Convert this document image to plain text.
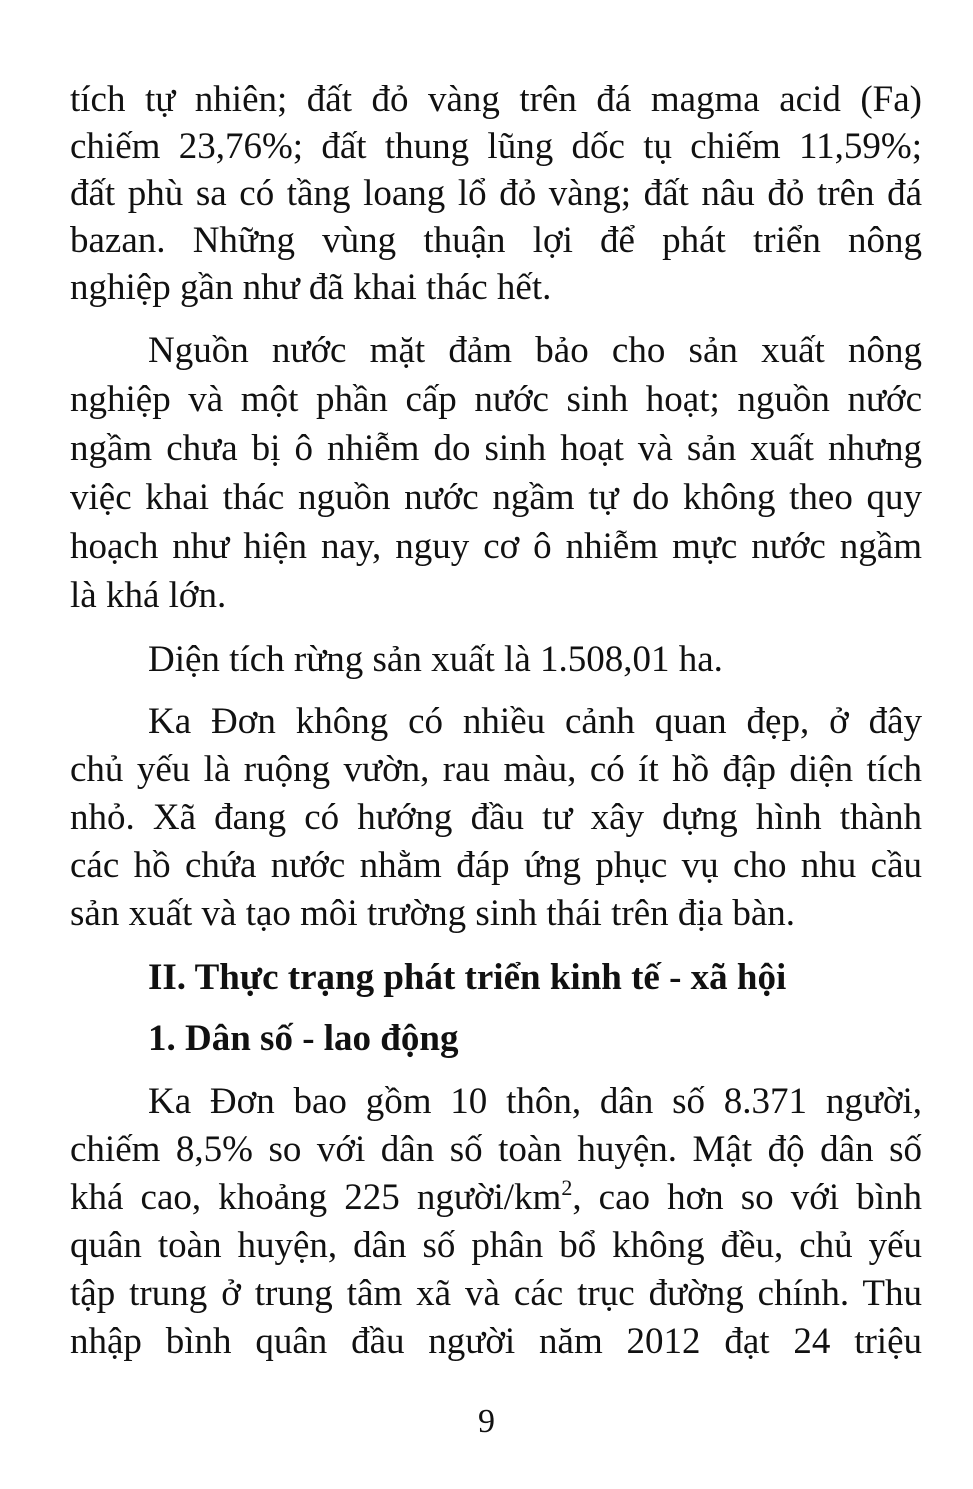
tích tự nhiên; đất đỏ vàng trên đá magma acid (Fa)
chiếm 23,76%; đất thung lũng dốc tụ chiếm 11,59%;
đất phù sa có tầng loang lổ đỏ vàng; đất nâu đỏ trên đá
bazan. Những vùng thuận lợi để phát triển nông
nghiệp gần như đã khai thác hết.
Nguồn nước mặt đảm bảo cho sản xuất nông
nghiệp và một phần cấp nước sinh hoạt; nguồn nước
ngầm chưa bị ô nhiễm do sinh hoạt và sản xuất nhưng
việc khai thác nguồn nước ngầm tự do không theo quy
hoạch như hiện nay, nguy cơ ô nhiễm mực nước ngầm
là khá lớn.
Diện tích rừng sản xuất là 1.508,01 ha.
Ka Đơn không có nhiều cảnh quan đẹp, ở đây
chủ yếu là ruộng vườn, rau màu, có ít hồ đập diện tích
nhỏ. Xã đang có hướng đầu tư xây dựng hình thành
các hồ chứa nước nhằm đáp ứng phục vụ cho nhu cầu
sản xuất và tạo môi trường sinh thái trên địa bàn.
II. Thực trạng phát triển kinh tế - xã hội
1. Dân số - lao động
Ka Đơn bao gồm 10 thôn, dân số 8.371 người,
chiếm 8,5% so với dân số toàn huyện. Mật độ dân số
khá cao, khoảng 225 người/$km^2$, cao hơn so với bình
quân toàn huyện, dân số phân bổ không đều, chủ yếu
tập trung ở trung tâm xã và các trục đường chính. Thu
nhập bình quân đầu người năm 2012 đạt 24 triệu
9
